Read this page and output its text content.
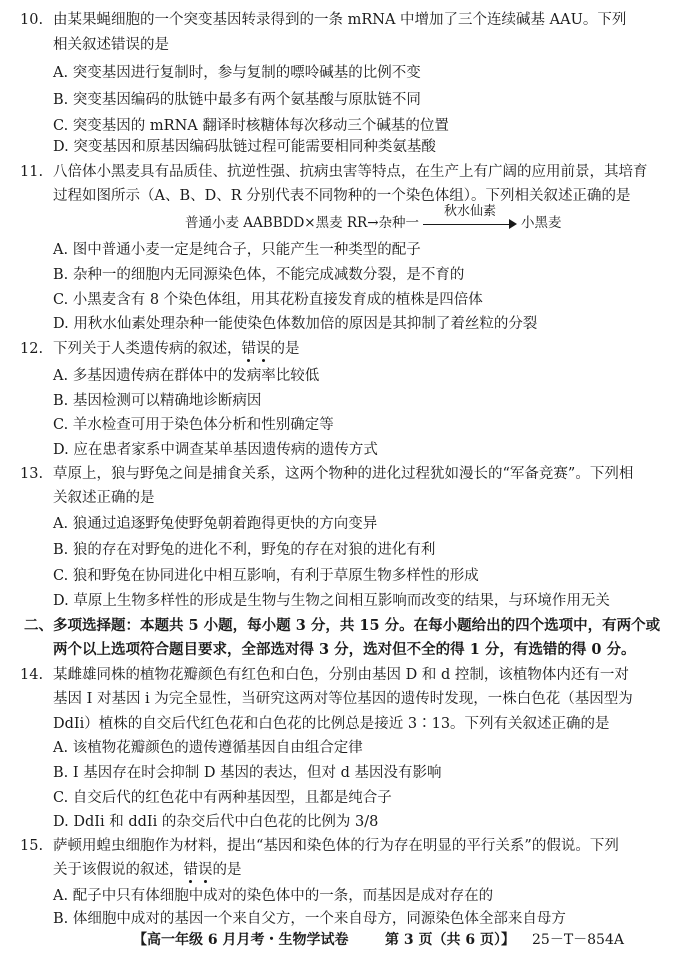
10. 由某果蝇细胞的一个突变基因转录得到的一条 mRNA 中增加了三个连续碱基 AAU。下列
相关叙述错误的是
A. 突变基因进行复制时，参与复制的嘌呤碱基的比例不变
B. 突变基因编码的肽链中最多有两个氨基酸与原肽链不同
C. 突变基因的 mRNA 翻译时核糖体每次移动三个碱基的位置
D. 突变基因和原基因编码肽链过程可能需要相同种类氨基酸
11. 八倍体小黑麦具有品质佳、抗逆性强、抗病虫害等特点，在生产上有广阔的应用前景，其培育
过程如图所示（A、B、D、R 分别代表不同物种的一个染色体组）。下列相关叙述正确的是
普通小麦 AABBDD×黑麦 RR→杂种一
秋水仙素
小黑麦
A. 图中普通小麦一定是纯合子，只能产生一种类型的配子
B. 杂种一的细胞内无同源染色体，不能完成减数分裂，是不育的
C. 小黑麦含有 8 个染色体组，用其花粉直接发育成的植株是四倍体
D. 用秋水仙素处理杂种一能使染色体数加倍的原因是其抑制了着丝粒的分裂
12. 下列关于人类遗传病的叙述，错误的是
A. 多基因遗传病在群体中的发病率比较低
B. 基因检测可以精确地诊断病因
C. 羊水检查可用于染色体分析和性别确定等
D. 应在患者家系中调查某单基因遗传病的遗传方式
13. 草原上，狼与野兔之间是捕食关系，这两个物种的进化过程犹如漫长的“军备竞赛”。下列相
关叙述正确的是
A. 狼通过追逐野兔使野兔朝着跑得更快的方向变异
B. 狼的存在对野兔的进化不利，野兔的存在对狼的进化有利
C. 狼和野兔在协同进化中相互影响，有利于草原生物多样性的形成
D. 草原上生物多样性的形成是生物与生物之间相互影响而改变的结果，与环境作用无关
二、多项选择题：本题共 5 小题，每小题 3 分，共 15 分。在每小题给出的四个选项中，有两个或
两个以上选项符合题目要求，全部选对得 3 分，选对但不全的得 1 分，有选错的得 0 分。
14. 某雌雄同株的植物花瓣颜色有红色和白色，分别由基因 D 和 d 控制，该植物体内还有一对
基因 I 对基因 i 为完全显性，当研究这两对等位基因的遗传时发现，一株白色花（基因型为
DdIi）植株的自交后代红色花和白色花的比例总是接近 3∶13。下列有关叙述正确的是
A. 该植物花瓣颜色的遗传遵循基因自由组合定律
B. I 基因存在时会抑制 D 基因的表达，但对 d 基因没有影响
C. 自交后代的红色花中有两种基因型，且都是纯合子
D. DdIi 和 ddIi 的杂交后代中白色花的比例为 3/8
15. 萨顿用蝗虫细胞作为材料，提出“基因和染色体的行为存在明显的平行关系”的假说。下列
关于该假说的叙述，错误的是
A. 配子中只有体细胞中成对的染色体中的一条，而基因是成对存在的
B. 体细胞中成对的基因一个来自父方，一个来自母方，同源染色体全部来自母方
【高一年级 6 月月考・生物学试卷	第 3 页（共 6 页）】 25－T－854A
